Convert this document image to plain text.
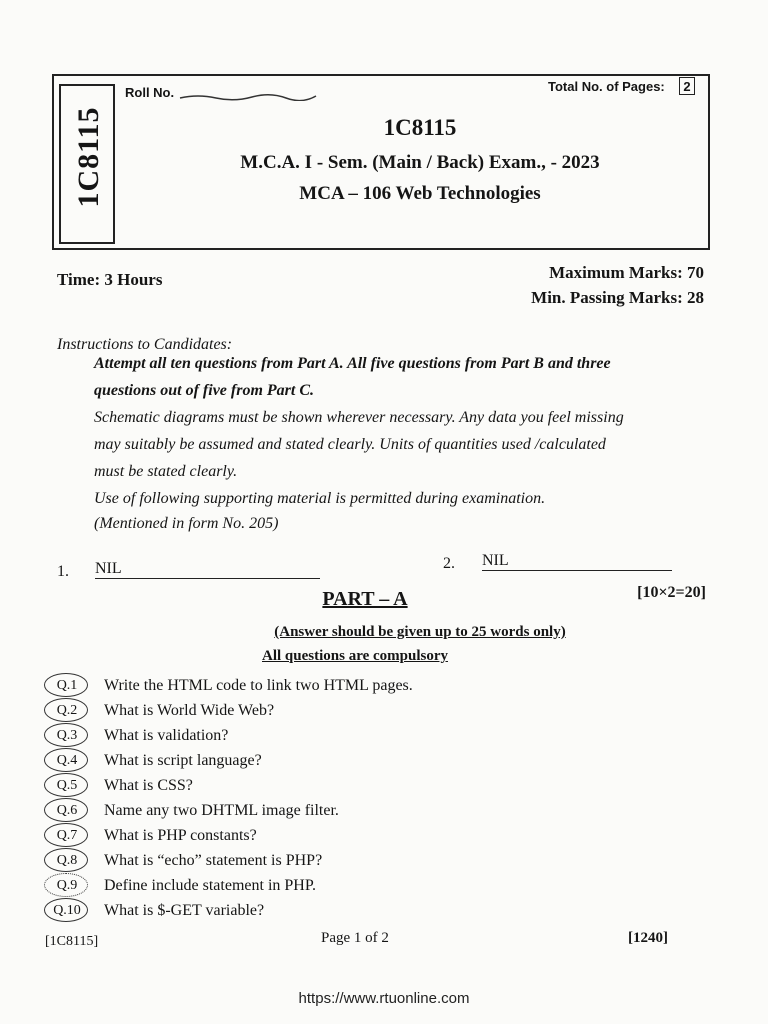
1C8115
Roll No.	Total No. of Pages:	2
1C8115
M.C.A. I - Sem. (Main / Back) Exam., - 2023
MCA – 106 Web Technologies
Time: 3 Hours	Maximum Marks: 70
Min. Passing Marks: 28
Instructions to Candidates:
Attempt all ten questions from Part A. All five questions from Part B and three
questions out of five from Part C.
Schematic diagrams must be shown wherever necessary. Any data you feel missing
may suitably be assumed and stated clearly. Units of quantities used /calculated
must be stated clearly.
Use of following supporting material is permitted during examination.
(Mentioned in form No. 205)
1. NIL	2. NIL
PART – A	[10×2=20]
(Answer should be given up to 25 words only)
All questions are compulsory
Q.1	Write the HTML code to link two HTML pages.
Q.2	What is World Wide Web?
Q.3	What is validation?
Q.4	What is script language?
Q.5	What is CSS?
Q.6	Name any two DHTML image filter.
Q.7	What is PHP constants?
Q.8	What is “echo” statement is PHP?
Q.9	Define include statement in PHP.
Q.10	What is $-GET variable?
[1C8115]	Page 1 of 2	[1240]
https://www.rtuonline.com
